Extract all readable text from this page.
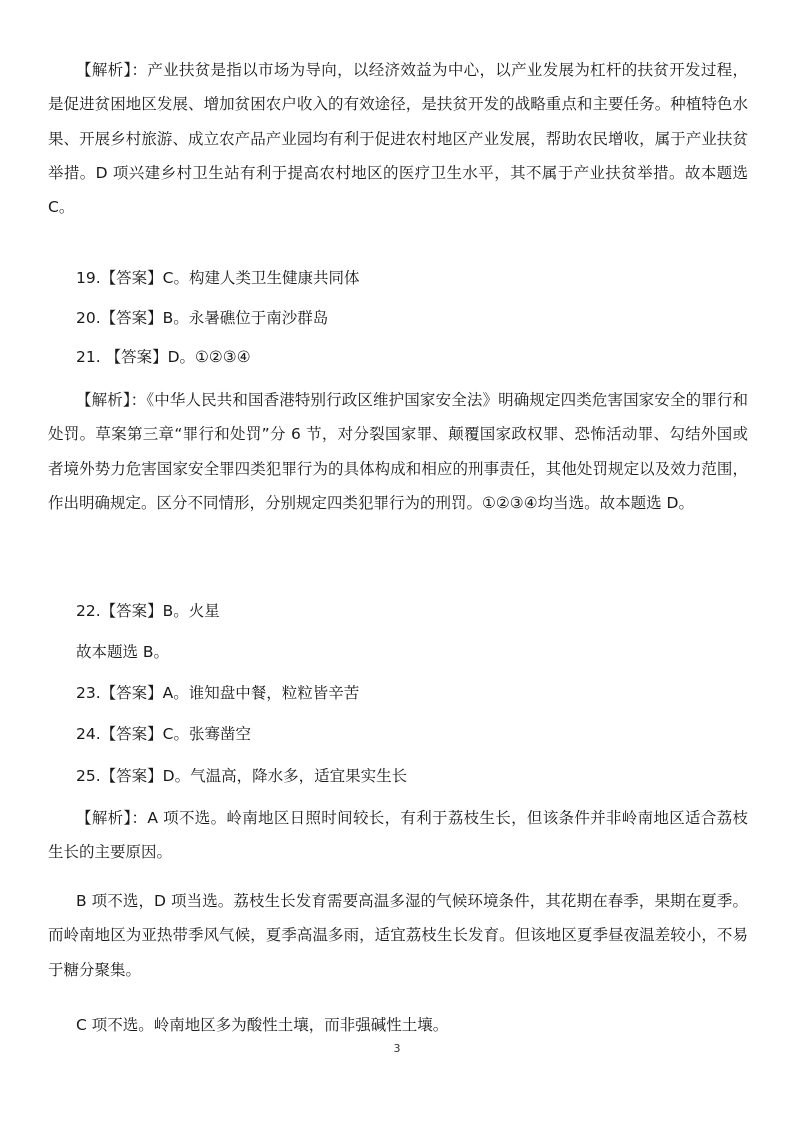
【解析】：产业扶贫是指以市场为导向，以经济效益为中心，以产业发展为杠杆的扶贫开发过程，是促进贫困地区发展、增加贫困农户收入的有效途径，是扶贫开发的战略重点和主要任务。种植特色水果、开展乡村旅游、成立农产品产业园均有利于促进农村地区产业发展，帮助农民增收，属于产业扶贫举措。D 项兴建乡村卫生站有利于提高农村地区的医疗卫生水平，其不属于产业扶贫举措。故本题选 C。

19.【答案】C。构建人类卫生健康共同体

20.【答案】B。永暑礁位于南沙群岛

21. 【答案】D。①②③④

【解析】：《中华人民共和国香港特别行政区维护国家安全法》明确规定四类危害国家安全的罪行和处罚。草案第三章“罪行和处罚”分 6 节，对分裂国家罪、颠覆国家政权罪、恐怖活动罪、勾结外国或者境外势力危害国家安全罪四类犯罪行为的具体构成和相应的刑事责任，其他处罚规定以及效力范围，作出明确规定。区分不同情形，分别规定四类犯罪行为的刑罚。①②③④均当选。故本题选 D。

22.【答案】B。火星

故本题选 B。

23.【答案】A。谁知盘中餐，粒粒皆辛苦

24.【答案】C。张骞凿空

25.【答案】D。气温高，降水多，适宜果实生长

【解析】：A 项不选。岭南地区日照时间较长，有利于荔枝生长，但该条件并非岭南地区适合荔枝生长的主要原因。

B 项不选，D 项当选。荔枝生长发育需要高温多湿的气候环境条件，其花期在春季，果期在夏季。而岭南地区为亚热带季风气候，夏季高温多雨，适宜荔枝生长发育。但该地区夏季昼夜温差较小，不易于糖分聚集。

C 项不选。岭南地区多为酸性土壤，而非强碱性土壤。

3
